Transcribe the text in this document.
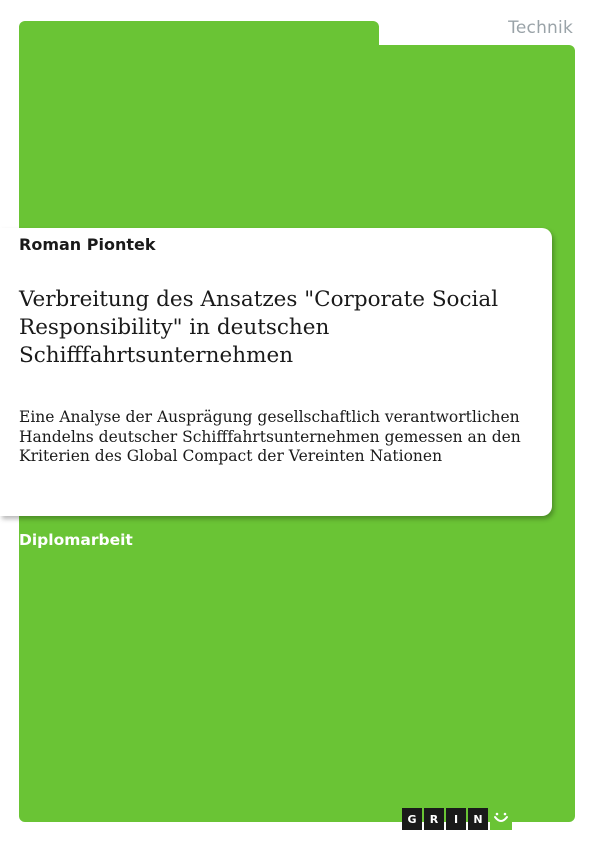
Technik
Roman Piontek
Verbreitung des Ansatzes "Corporate Social Responsibility" in deutschen Schifffahrtsunternehmen

Eine Analyse der Ausprägung gesellschaftlich verantwortlichen Handelns deutscher Schifffahrtsunternehmen gemessen an den Kriterien des Global Compact der Vereinten Nationen

Diplomarbeit
G	R	I	N
